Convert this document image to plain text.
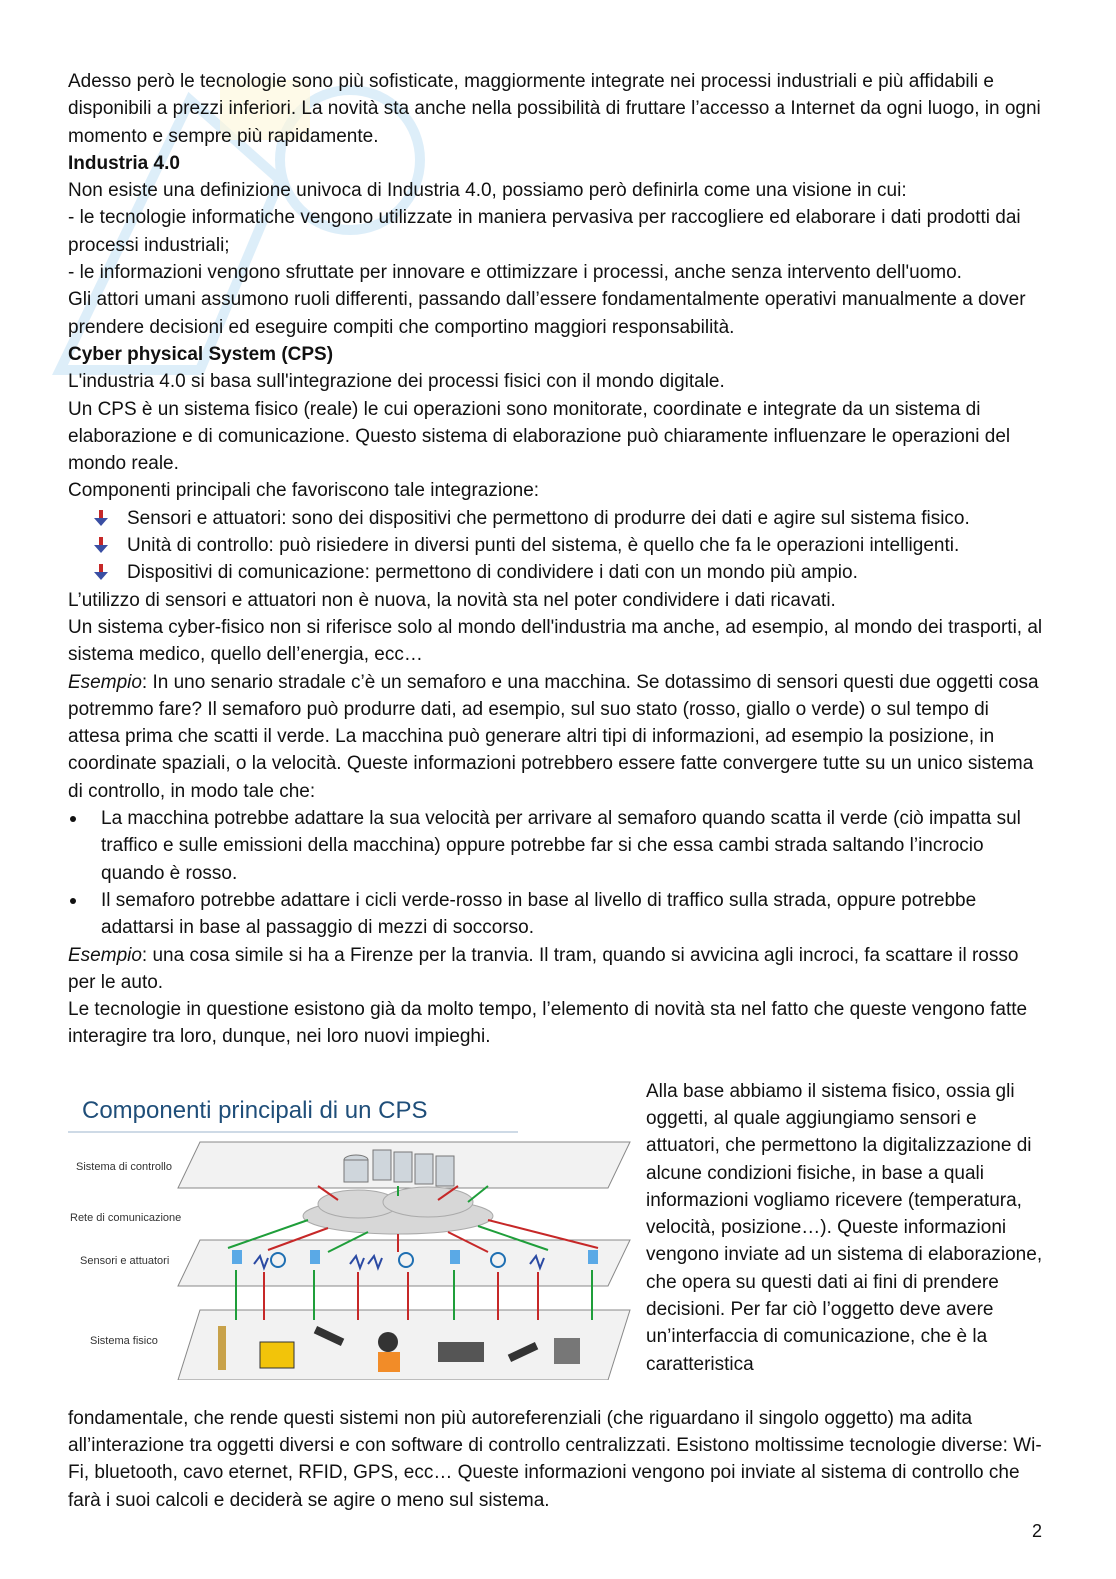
Adesso però le tecnologie sono più sofisticate, maggiormente integrate nei processi industriali e più affidabili e disponibili a prezzi inferiori. La novità sta anche nella possibilità di fruttare l’accesso a Internet da ogni luogo, in ogni momento e sempre più rapidamente.

Industria 4.0

Non esiste una definizione univoca di Industria 4.0, possiamo però definirla come una visione in cui:

- le tecnologie informatiche vengono utilizzate in maniera pervasiva per raccogliere ed elaborare i dati prodotti dai processi industriali;

- le informazioni vengono sfruttate per innovare e ottimizzare i processi, anche senza intervento dell'uomo.

Gli attori umani assumono ruoli differenti, passando dall’essere fondamentalmente operativi manualmente a dover prendere decisioni ed eseguire compiti che comportino maggiori responsabilità.

Cyber physical System (CPS)

L'industria 4.0 si basa sull'integrazione dei processi fisici con il mondo digitale.

Un CPS è un sistema fisico (reale) le cui operazioni sono monitorate, coordinate e integrate da un sistema di elaborazione e di comunicazione. Questo sistema di elaborazione può chiaramente influenzare le operazioni del mondo reale.

Componenti principali che favoriscono tale integrazione:

Sensori e attuatori: sono dei dispositivi che permettono di produrre dei dati e agire sul sistema fisico.
Unità di controllo: può risiedere in diversi punti del sistema, è quello che fa le operazioni intelligenti.
Dispositivi di comunicazione: permettono di condividere i dati con un mondo più ampio.

L’utilizzo di sensori e attuatori non è nuova, la novità sta nel poter condividere i dati ricavati.

Un sistema cyber-fisico non si riferisce solo al mondo dell'industria ma anche, ad esempio, al mondo dei trasporti, al sistema medico, quello dell’energia, ecc…

Esempio: In uno senario stradale c’è un semaforo e una macchina. Se dotassimo di sensori questi due oggetti cosa potremmo fare? Il semaforo può produrre dati, ad esempio, sul suo stato (rosso, giallo o verde) o sul tempo di attesa prima che scatti il verde. La macchina può generare altri tipi di informazioni, ad esempio la posizione, in coordinate spaziali, o la velocità. Queste informazioni potrebbero essere fatte convergere tutte su un unico sistema di controllo, in modo tale che:

La macchina potrebbe adattare la sua velocità per arrivare al semaforo quando scatta il verde (ciò impatta sul traffico e sulle emissioni della macchina) oppure potrebbe far si che essa cambi strada saltando l’incrocio quando è rosso.
Il semaforo potrebbe adattare i cicli verde-rosso in base al livello di traffico sulla strada, oppure potrebbe adattarsi in base al passaggio di mezzi di soccorso.

Esempio: una cosa simile si ha a Firenze per la tranvia. Il tram, quando si avvicina agli incroci, fa scattare il rosso per le auto.

Le tecnologie in questione esistono già da molto tempo, l’elemento di novità sta nel fatto che queste vengono fatte interagire tra loro, dunque, nei loro nuovi impieghi.

Componenti principali di un CPS
Sistema di controllo
Rete di comunicazione
Sensori e attuatori
Sistema fisico

Alla base abbiamo il sistema fisico, ossia gli oggetti, al quale aggiungiamo sensori e attuatori, che permettono la digitalizzazione di alcune condizioni fisiche, in base a quali informazioni vogliamo ricevere (temperatura, velocità, posizione…). Queste informazioni vengono inviate ad un sistema di elaborazione, che opera su questi dati ai fini di prendere decisioni. Per far ciò l’oggetto deve avere un’interfaccia di comunicazione, che è la caratteristica

fondamentale, che rende questi sistemi non più autoreferenziali (che riguardano il singolo oggetto) ma adita all’interazione tra oggetti diversi e con software di controllo centralizzati. Esistono moltissime tecnologie diverse: Wi-Fi, bluetooth, cavo eternet, RFID, GPS, ecc… Queste informazioni vengono poi inviate al sistema di controllo che farà i suoi calcoli e deciderà se agire o meno sul sistema.

2
